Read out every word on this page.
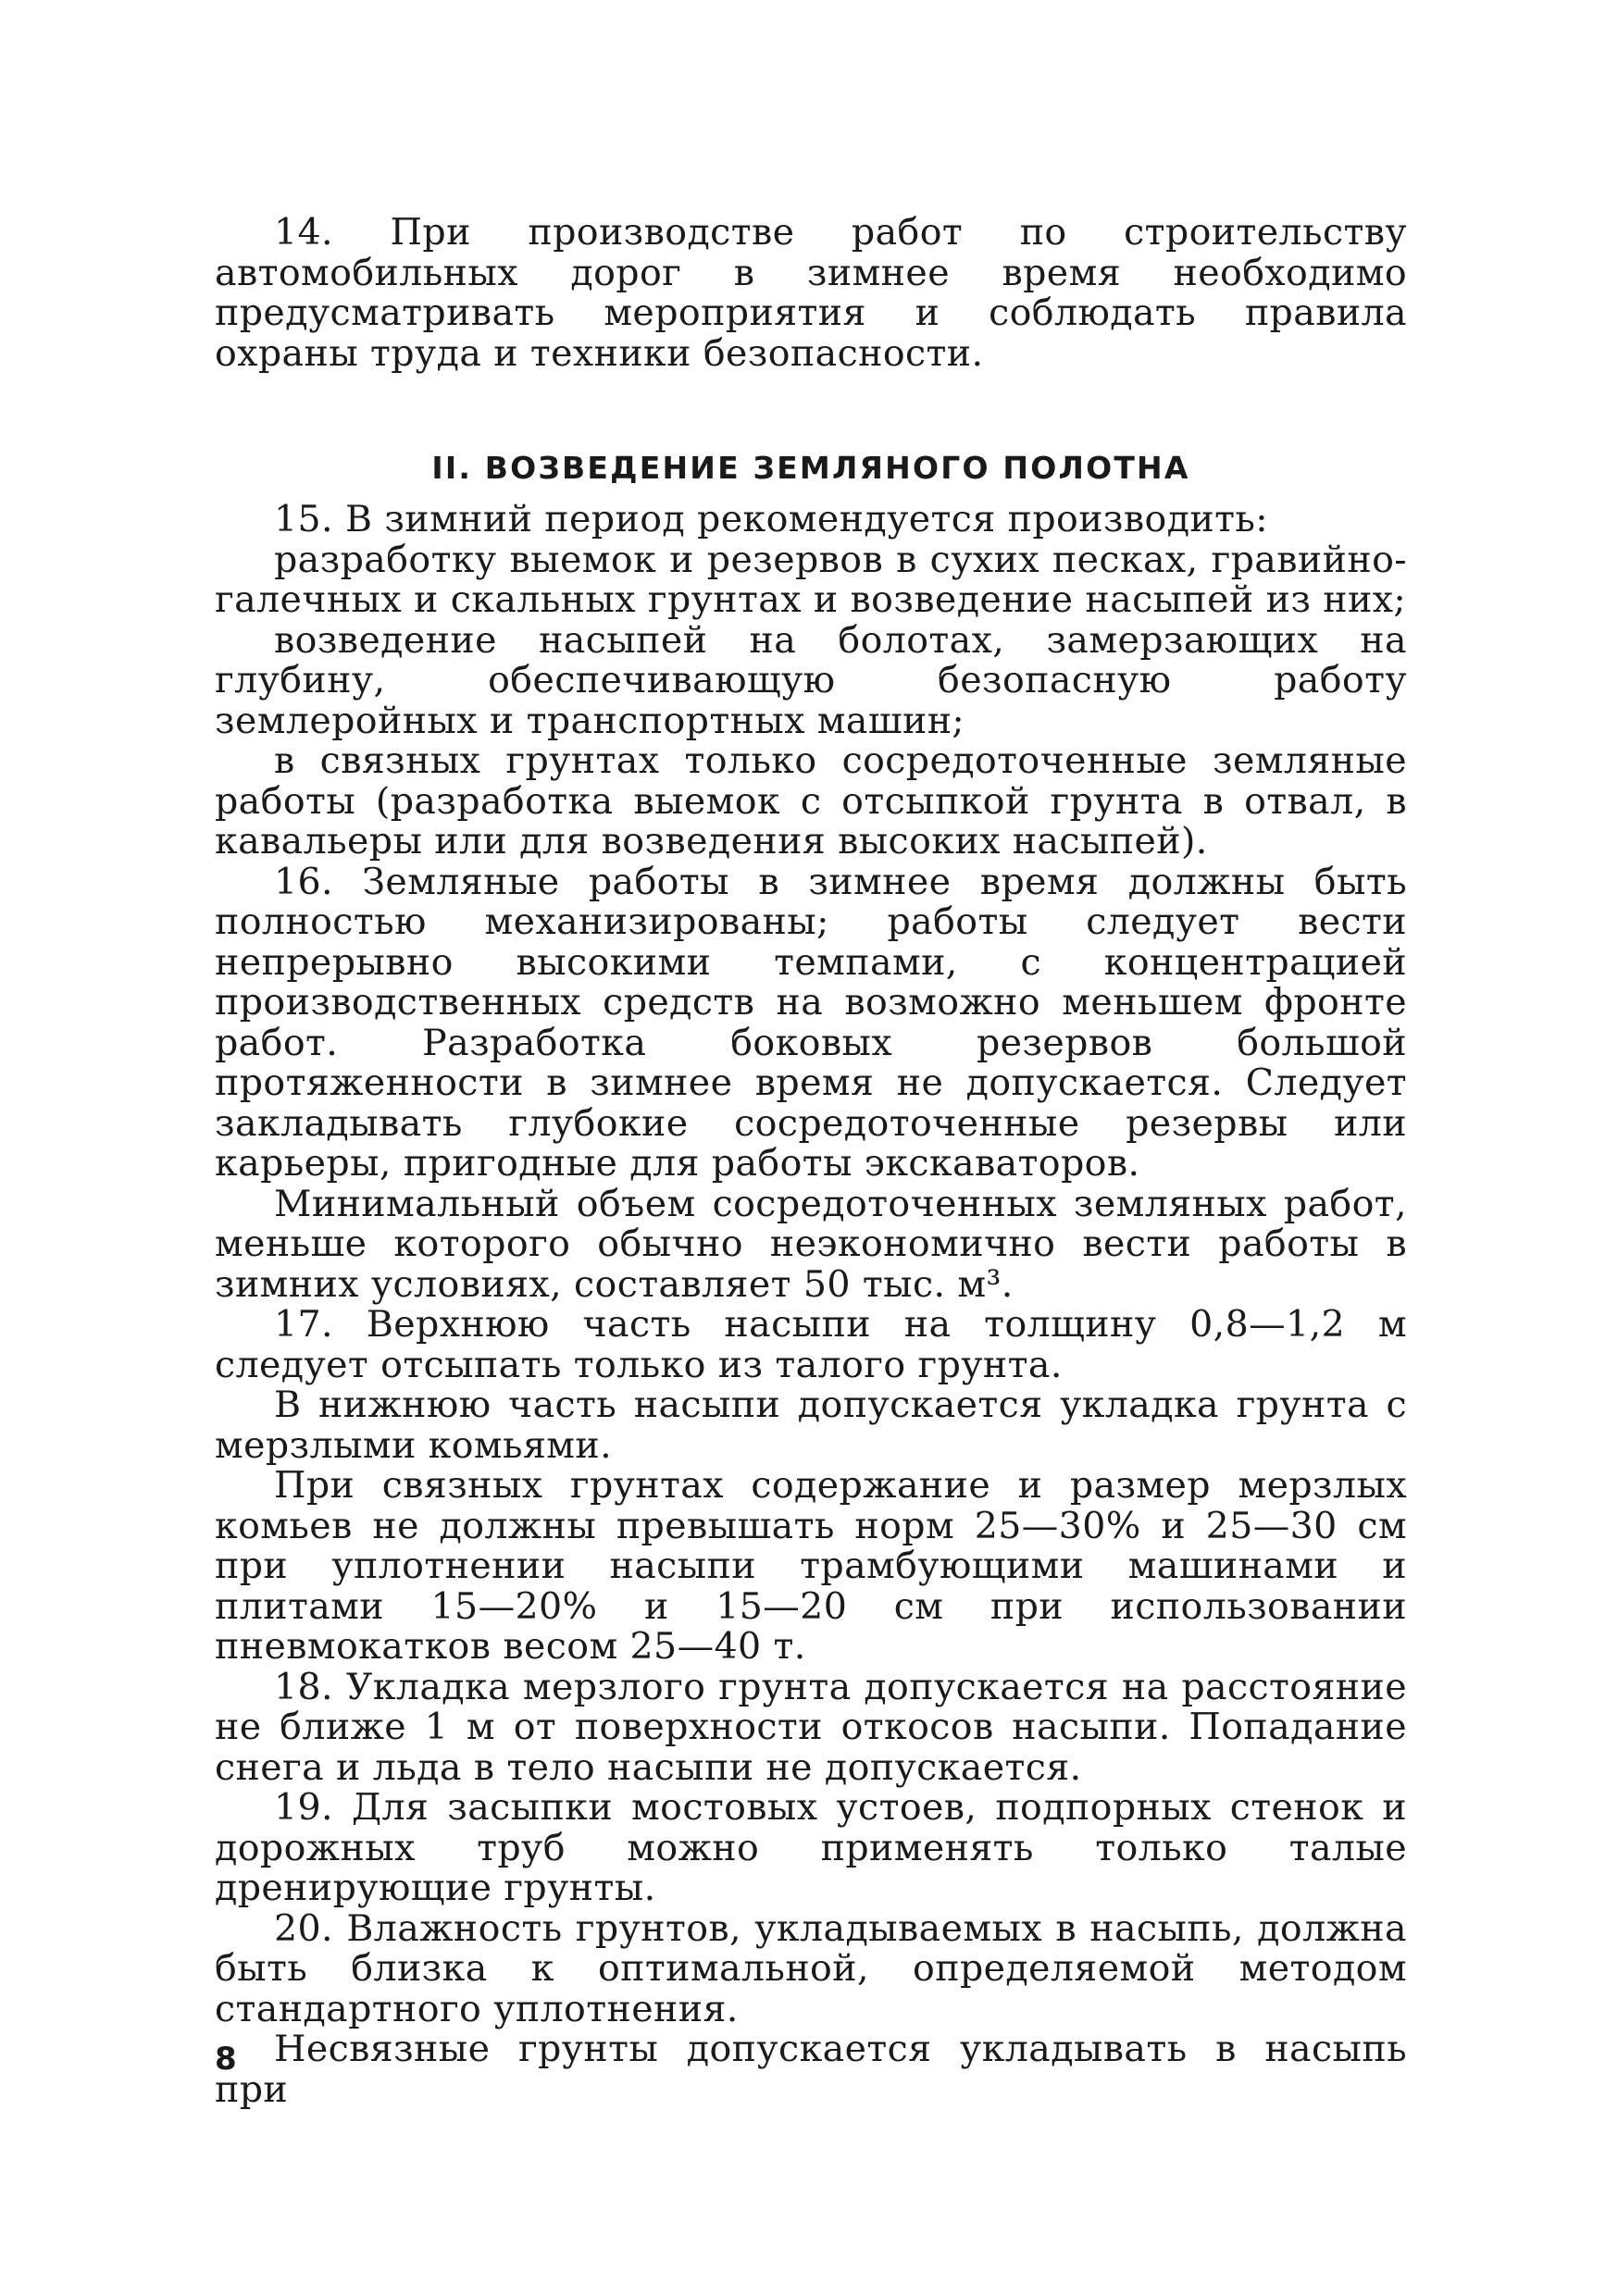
14. При производстве работ по строительству автомобильных дорог в зимнее время необходимо предусматривать мероприятия и соблюдать правила охраны труда и техники безопасности.

II. ВОЗВЕДЕНИЕ ЗЕМЛЯНОГО ПОЛОТНА

15. В зимний период рекомендуется производить:

разработку выемок и резервов в сухих песках, гравийно-галечных и скальных грунтах и возведение насыпей из них;

возведение насыпей на болотах, замерзающих на глубину, обеспечивающую безопасную работу землеройных и транспортных машин;

в связных грунтах только сосредоточенные земляные работы (разработка выемок с отсыпкой грунта в отвал, в кавальеры или для возведения высоких насыпей).

16. Земляные работы в зимнее время должны быть полностью механизированы; работы следует вести непрерывно высокими темпами, с концентрацией производственных средств на возможно меньшем фронте работ. Разработка боковых резервов большой протяженности в зимнее время не допускается. Следует закладывать глубокие сосредоточенные резервы или карьеры, пригодные для работы экскаваторов.

Минимальный объем сосредоточенных земляных работ, меньше которого обычно неэкономично вести работы в зимних условиях, составляет 50 тыс. м³.

17. Верхнюю часть насыпи на толщину 0,8—1,2 м следует отсыпать только из талого грунта.

В нижнюю часть насыпи допускается укладка грунта с мерзлыми комьями.

При связных грунтах содержание и размер мерзлых комьев не должны превышать норм 25—30% и 25—30 см при уплотнении насыпи трамбующими машинами и плитами 15—20% и 15—20 см при использовании пневмокатков весом 25—40 т.

18. Укладка мерзлого грунта допускается на расстояние не ближе 1 м от поверхности откосов насыпи. Попадание снега и льда в тело насыпи не допускается.

19. Для засыпки мостовых устоев, подпорных стенок и дорожных труб можно применять только талые дренирующие грунты.

20. Влажность грунтов, укладываемых в насыпь, должна быть близка к оптимальной, определяемой методом стандартного уплотнения.

Несвязные грунты допускается укладывать в насыпь при

8
